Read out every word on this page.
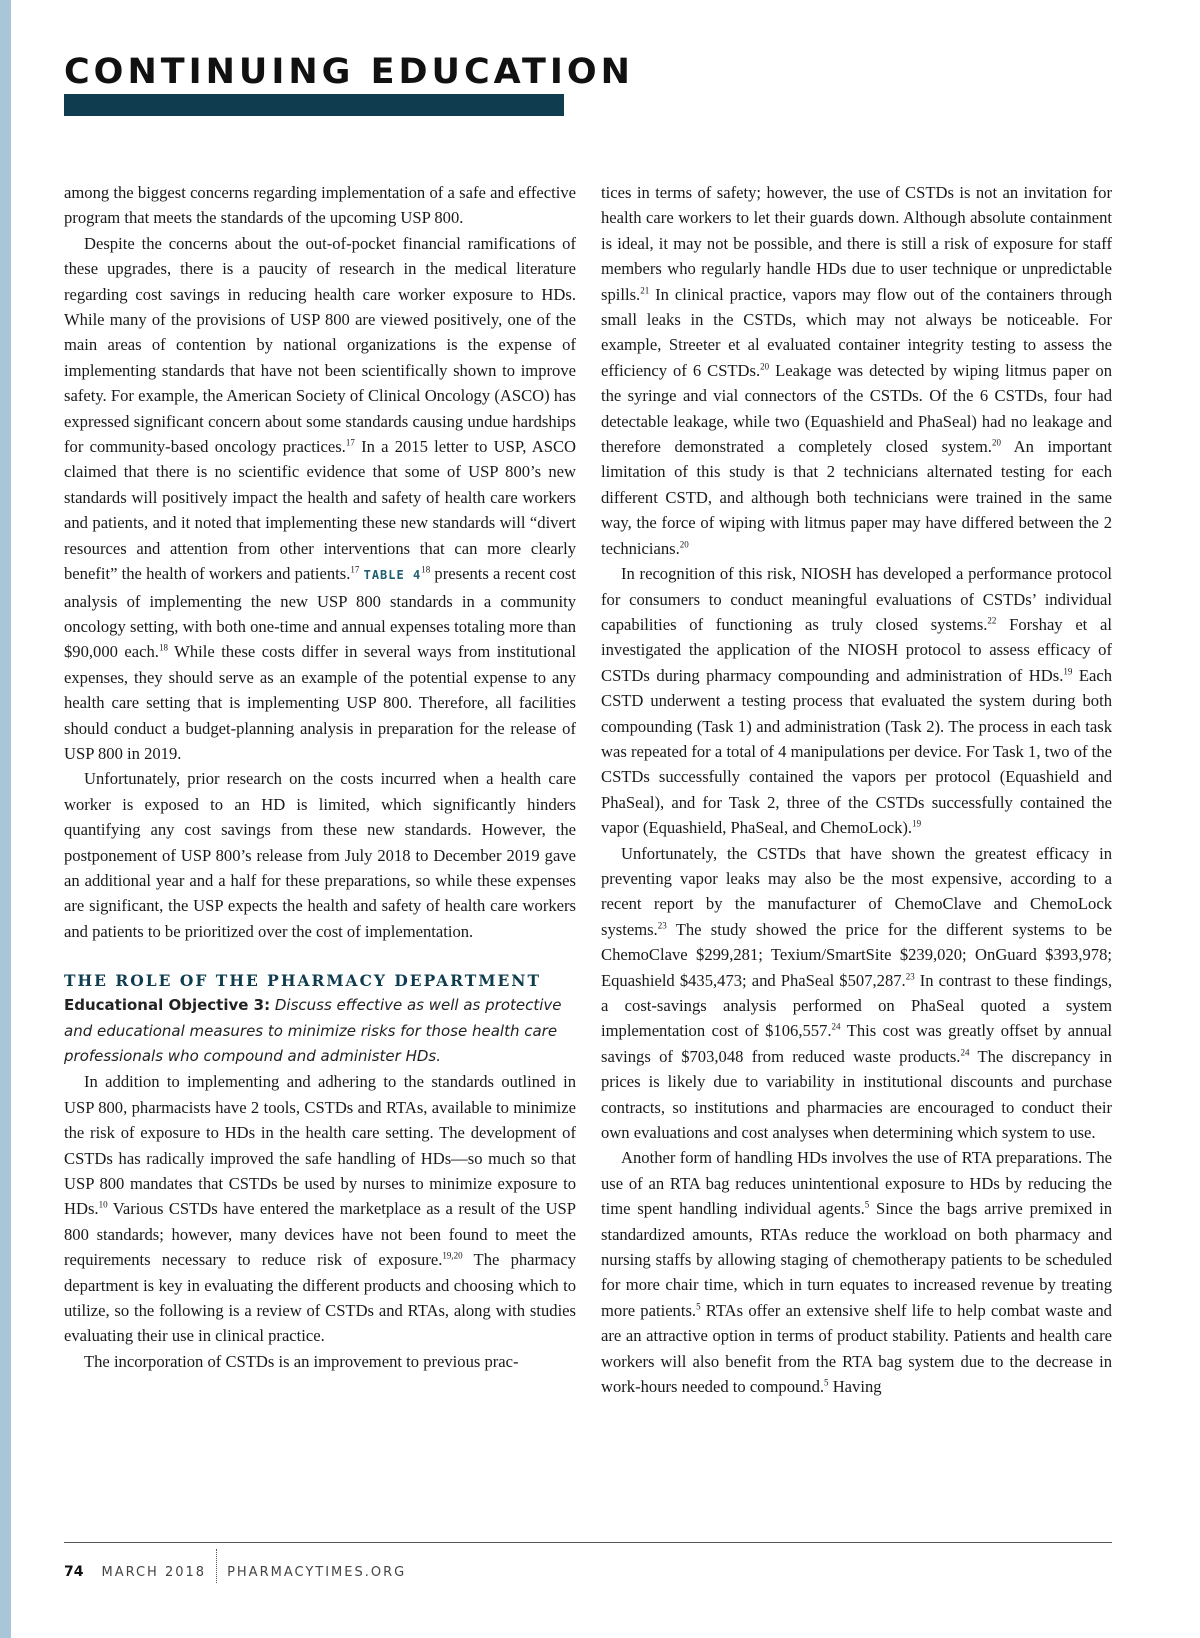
CONTINUING EDUCATION

among the biggest concerns regarding implementation of a safe and effective program that meets the standards of the upcoming USP 800.

Despite the concerns about the out-of-pocket financial ramifications of these upgrades, there is a paucity of research in the medical literature regarding cost savings in reducing health care worker exposure to HDs. While many of the provisions of USP 800 are viewed positively, one of the main areas of contention by national organizations is the expense of implementing standards that have not been scientifically shown to improve safety. For example, the American Society of Clinical Oncology (ASCO) has expressed significant concern about some standards causing undue hardships for community-based oncology practices.$^{17}$ In a 2015 letter to USP, ASCO claimed that there is no scientific evidence that some of USP 800’s new standards will positively impact the health and safety of health care workers and patients, and it noted that implementing these new standards will “divert resources and attention from other interventions that can more clearly benefit” the health of workers and patients.$^{17}$ TABLE $4^{18}$ presents a recent cost analysis of implementing the new USP 800 standards in a community oncology setting, with both one-time and annual expenses totaling more than $90,000 each.$^{18}$ While these costs differ in several ways from institutional expenses, they should serve as an example of the potential expense to any health care setting that is implementing USP 800. Therefore, all facilities should conduct a budget-planning analysis in preparation for the release of USP 800 in 2019.

Unfortunately, prior research on the costs incurred when a health care worker is exposed to an HD is limited, which significantly hinders quantifying any cost savings from these new standards. However, the postponement of USP 800’s release from July 2018 to December 2019 gave an additional year and a half for these preparations, so while these expenses are significant, the USP expects the health and safety of health care workers and patients to be prioritized over the cost of implementation.

THE ROLE OF THE PHARMACY DEPARTMENT

Educational Objective 3: Discuss effective as well as protective and educational measures to minimize risks for those health care professionals who compound and administer HDs.

In addition to implementing and adhering to the standards outlined in USP 800, pharmacists have 2 tools, CSTDs and RTAs, available to minimize the risk of exposure to HDs in the health care setting. The development of CSTDs has radically improved the safe handling of HDs—so much so that USP 800 mandates that CSTDs be used by nurses to minimize exposure to HDs.$^{10}$ Various CSTDs have entered the marketplace as a result of the USP 800 standards; however, many devices have not been found to meet the requirements necessary to reduce risk of exposure.$^{19,20}$ The pharmacy department is key in evaluating the different products and choosing which to utilize, so the following is a review of CSTDs and RTAs, along with studies evaluating their use in clinical practice.

The incorporation of CSTDs is an improvement to previous prac-

tices in terms of safety; however, the use of CSTDs is not an invitation for health care workers to let their guards down. Although absolute containment is ideal, it may not be possible, and there is still a risk of exposure for staff members who regularly handle HDs due to user technique or unpredictable spills.$^{21}$ In clinical practice, vapors may flow out of the containers through small leaks in the CSTDs, which may not always be noticeable. For example, Streeter et al evaluated container integrity testing to assess the efficiency of 6 CSTDs.$^{20}$ Leakage was detected by wiping litmus paper on the syringe and vial connectors of the CSTDs. Of the 6 CSTDs, four had detectable leakage, while two (Equashield and PhaSeal) had no leakage and therefore demonstrated a completely closed system.$^{20}$ An important limitation of this study is that 2 technicians alternated testing for each different CSTD, and although both technicians were trained in the same way, the force of wiping with litmus paper may have differed between the 2 technicians.$^{20}$

In recognition of this risk, NIOSH has developed a performance protocol for consumers to conduct meaningful evaluations of CSTDs’ individual capabilities of functioning as truly closed systems.$^{22}$ Forshay et al investigated the application of the NIOSH protocol to assess efficacy of CSTDs during pharmacy compounding and administration of HDs.$^{19}$ Each CSTD underwent a testing process that evaluated the system during both compounding (Task 1) and administration (Task 2). The process in each task was repeated for a total of 4 manipulations per device. For Task 1, two of the CSTDs successfully contained the vapors per protocol (Equashield and PhaSeal), and for Task 2, three of the CSTDs successfully contained the vapor (Equashield, PhaSeal, and ChemoLock).$^{19}$

Unfortunately, the CSTDs that have shown the greatest efficacy in preventing vapor leaks may also be the most expensive, according to a recent report by the manufacturer of ChemoClave and ChemoLock systems.$^{23}$ The study showed the price for the different systems to be ChemoClave $299,281; Texium/SmartSite $239,020; OnGuard $393,978; Equashield $435,473; and PhaSeal $507,287.23 In contrast to these findings, a cost-savings analysis performed on PhaSeal quoted a system implementation cost of $106,557.24 This cost was greatly offset by annual savings of $703,048 from reduced waste products.$^{24}$ The discrepancy in prices is likely due to variability in institutional discounts and purchase contracts, so institutions and pharmacies are encouraged to conduct their own evaluations and cost analyses when determining which system to use.

Another form of handling HDs involves the use of RTA preparations. The use of an RTA bag reduces unintentional exposure to HDs by reducing the time spent handling individual agents.$^5$ Since the bags arrive premixed in standardized amounts, RTAs reduce the workload on both pharmacy and nursing staffs by allowing staging of chemotherapy patients to be scheduled for more chair time, which in turn equates to increased revenue by treating more patients.$^5$ RTAs offer an extensive shelf life to help combat waste and are an attractive option in terms of product stability. Patients and health care workers will also benefit from the RTA bag system due to the decrease in work-hours needed to compound.$^5$ Having

74 MARCH 2018 PHARMACYTIMES.ORG
